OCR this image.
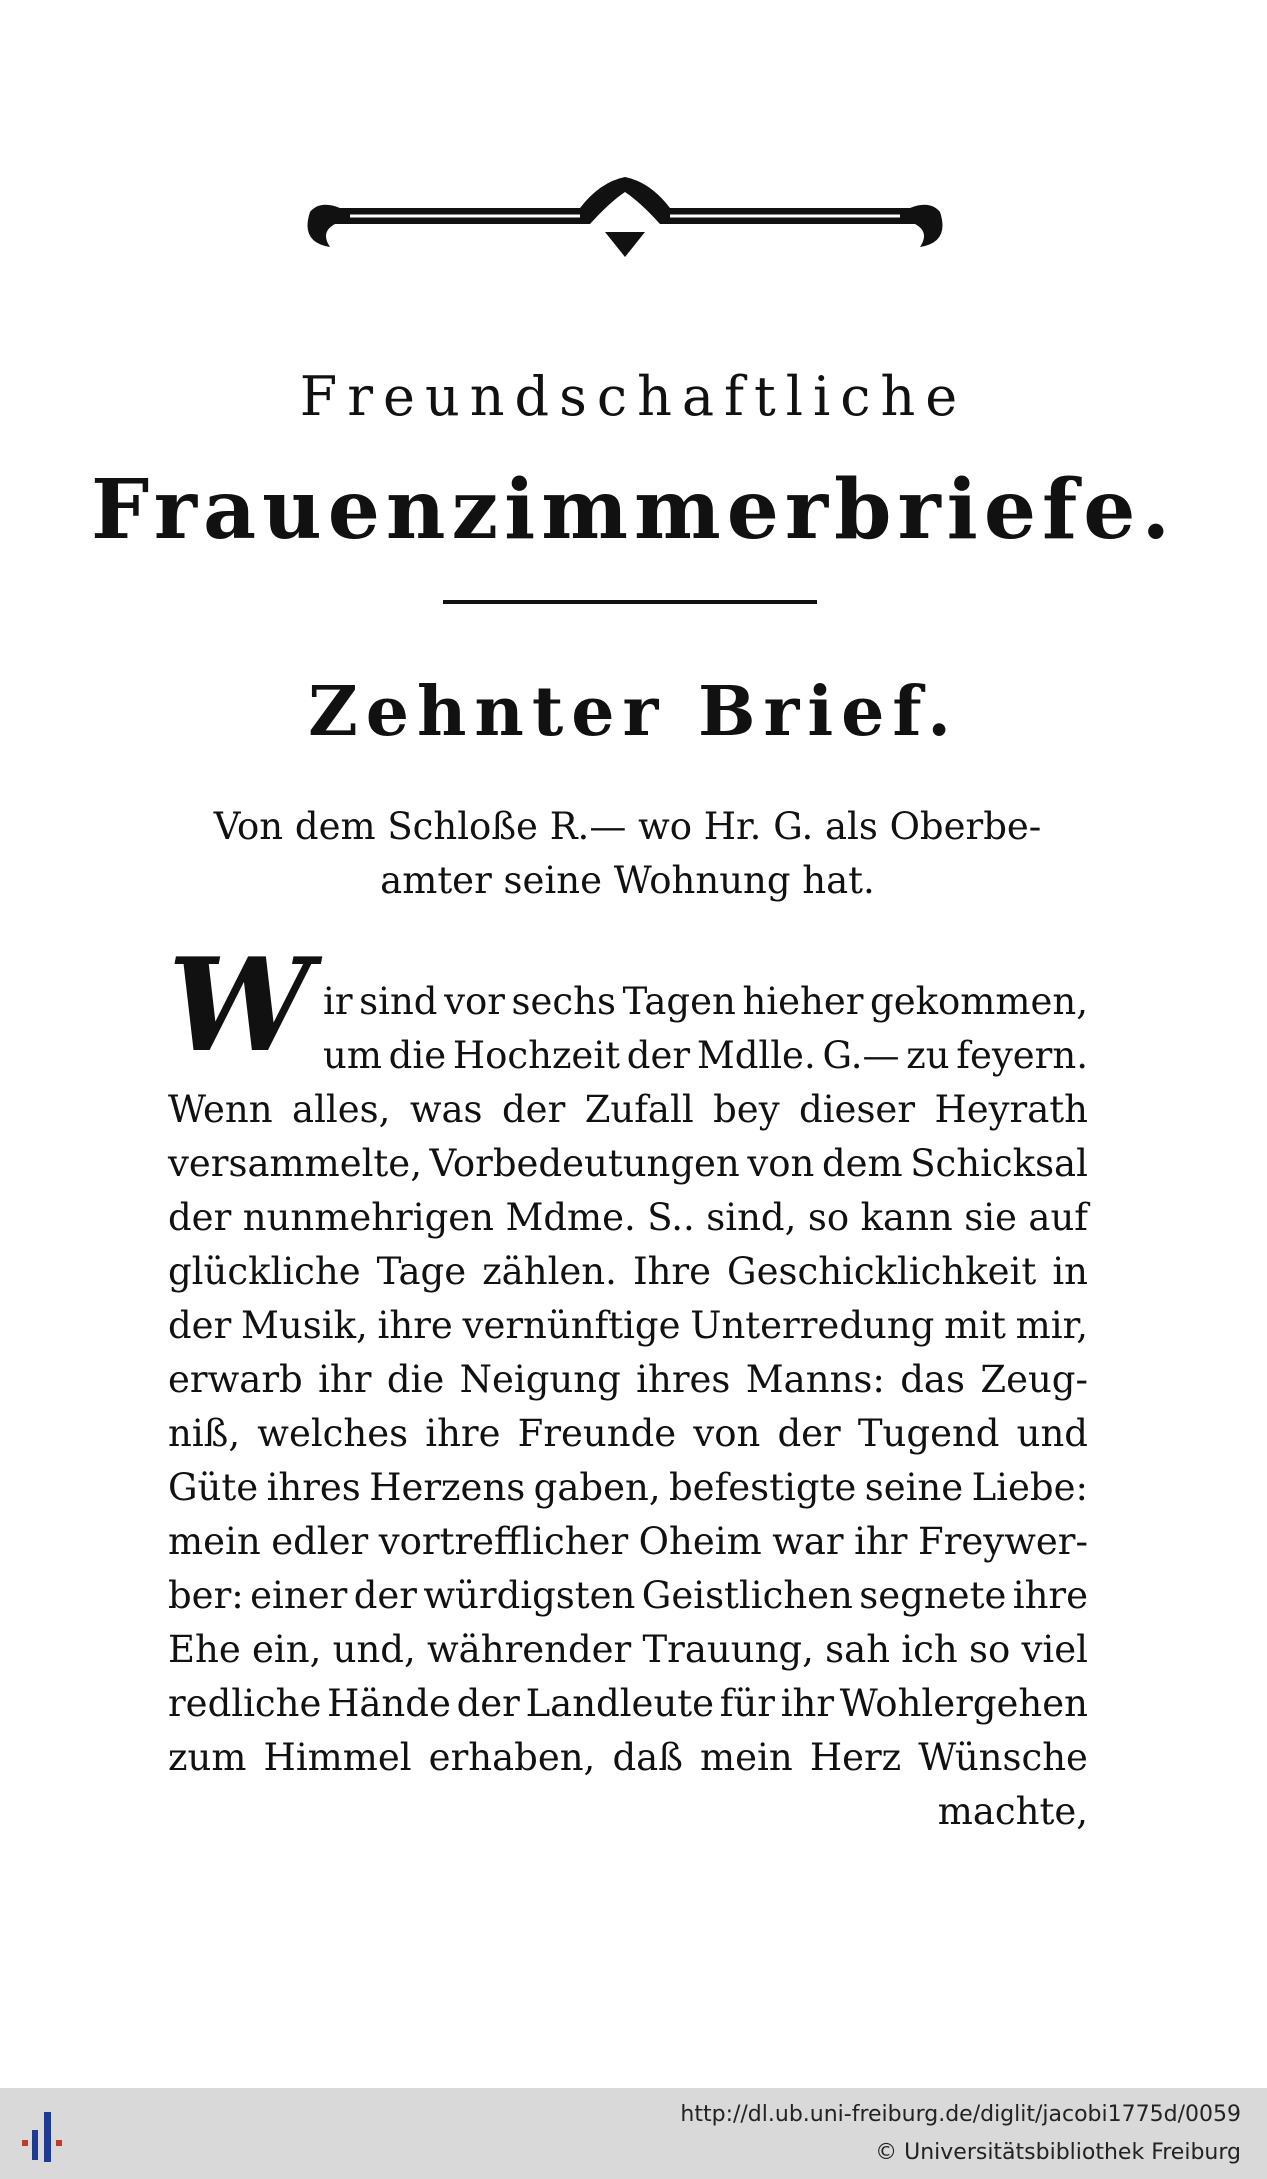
Freundschaftliche
Frauenzimmerbriefe.
Zehnter Brief.
Von dem Schloße R.— wo Hr. G. als Oberbe-
amter seine Wohnung hat.
W ir sind vor sechs Tagen hieher gekommen,
um die Hochzeit der Mdlle. G.— zu feyern.
Wenn alles, was der Zufall bey dieser Heyrath
versammelte, Vorbedeutungen von dem Schicksal
der nunmehrigen Mdme. S.. sind, so kann sie auf
glückliche Tage zählen. Ihre Geschicklichkeit in
der Musik, ihre vernünftige Unterredung mit mir,
erwarb ihr die Neigung ihres Manns: das Zeug-
niß, welches ihre Freunde von der Tugend und
Güte ihres Herzens gaben, befestigte seine Liebe:
mein edler vortrefflicher Oheim war ihr Freywer-
ber: einer der würdigsten Geistlichen segnete ihre
Ehe ein, und, währender Trauung, sah ich so viel
redliche Hände der Landleute für ihr Wohlergehen
zum Himmel erhaben, daß mein Herz Wünsche
machte,
http://dl.ub.uni-freiburg.de/diglit/jacobi1775d/0059
© Universitätsbibliothek Freiburg
